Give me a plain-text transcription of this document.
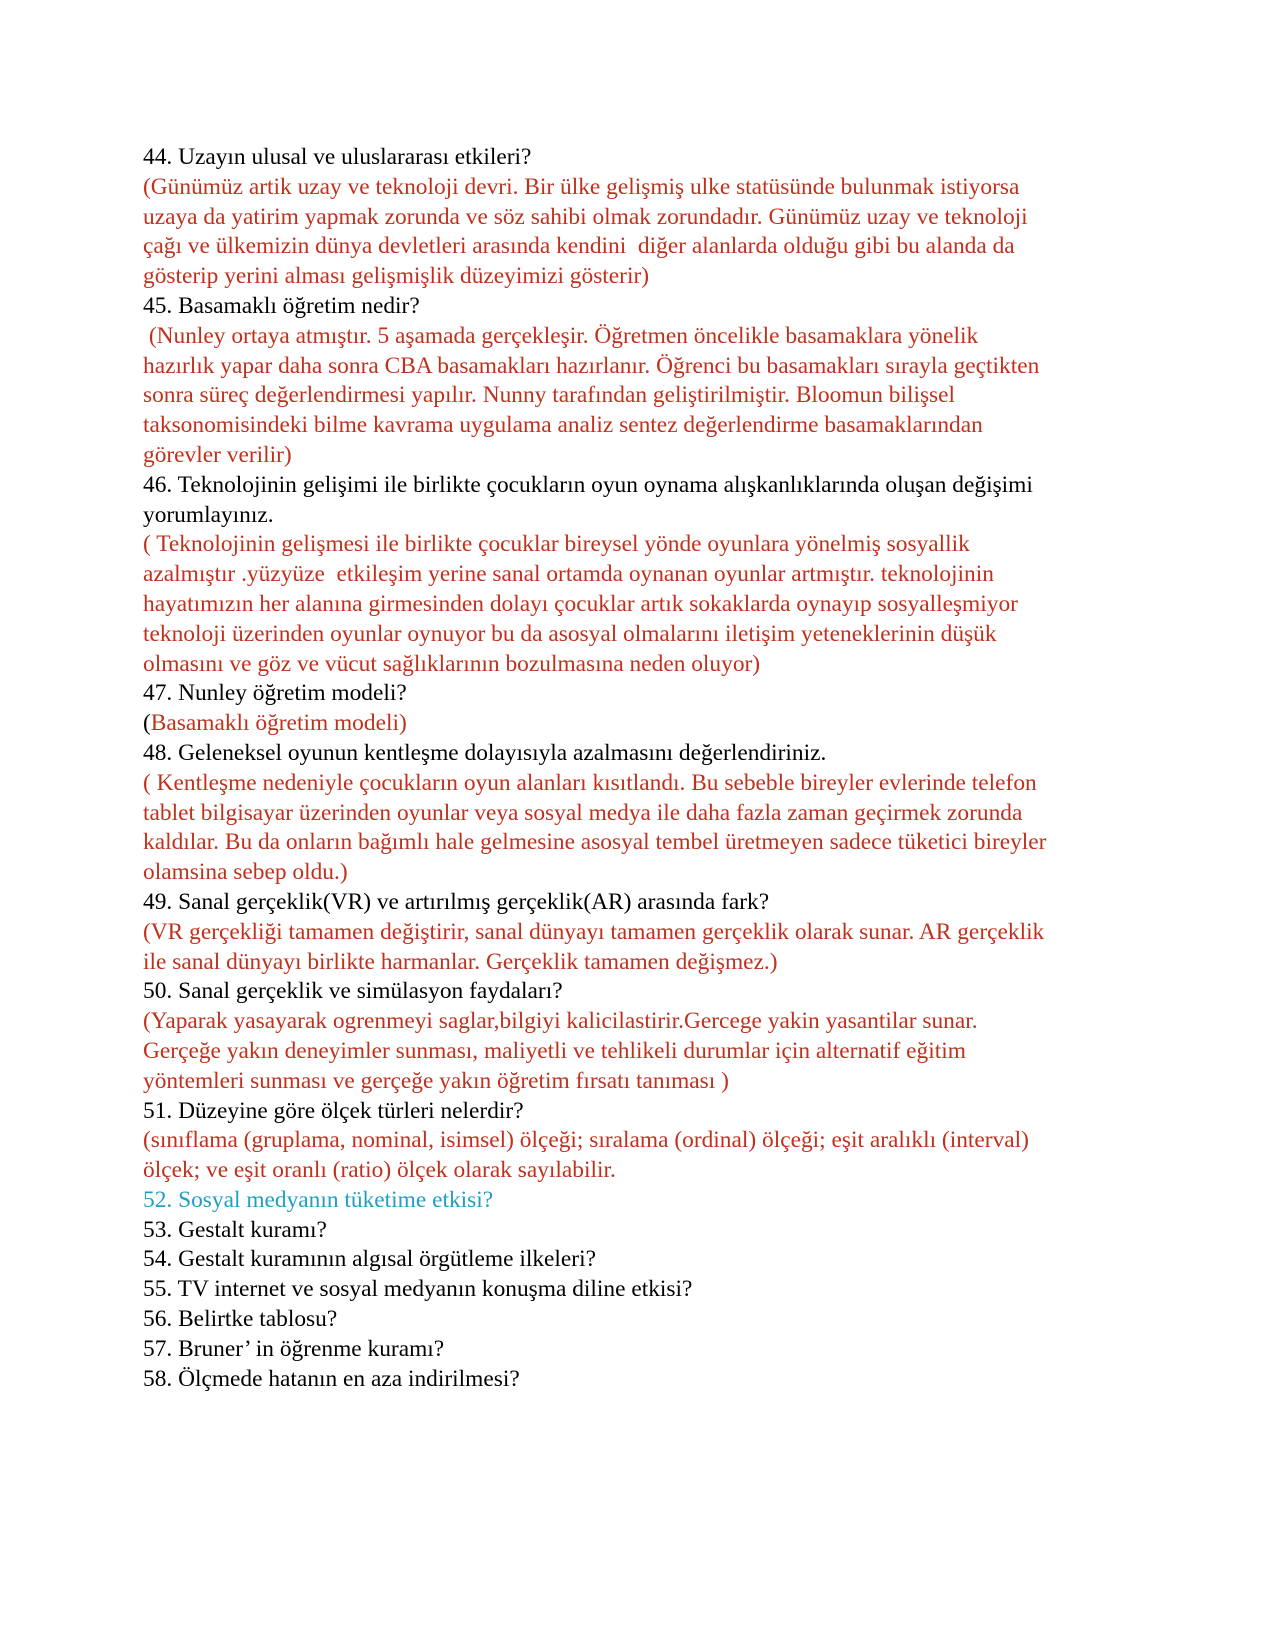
44. Uzayın ulusal ve uluslararası etkileri?
(Günümüz artik uzay ve teknoloji devri. Bir ülke gelişmiş ulke statüsünde bulunmak istiyorsa
uzaya da yatirim yapmak zorunda ve söz sahibi olmak zorundadır. Günümüz uzay ve teknoloji
çağı ve ülkemizin dünya devletleri arasında kendini  diğer alanlarda olduğu gibi bu alanda da
gösterip yerini alması gelişmişlik düzeyimizi gösterir)
45. Basamaklı öğretim nedir?
(Nunley ortaya atmıştır. 5 aşamada gerçekleşir. Öğretmen öncelikle basamaklara yönelik
hazırlık yapar daha sonra CBA basamakları hazırlanır. Öğrenci bu basamakları sırayla geçtikten
sonra süreç değerlendirmesi yapılır. Nunny tarafından geliştirilmiştir. Bloomun bilişsel
taksonomisindeki bilme kavrama uygulama analiz sentez değerlendirme basamaklarından
görevler verilir)
46. Teknolojinin gelişimi ile birlikte çocukların oyun oynama alışkanlıklarında oluşan değişimi
yorumlayınız.
( Teknolojinin gelişmesi ile birlikte çocuklar bireysel yönde oyunlara yönelmiş sosyallik
azalmıştır .yüzyüze  etkileşim yerine sanal ortamda oynanan oyunlar artmıştır. teknolojinin
hayatımızın her alanına girmesinden dolayı çocuklar artık sokaklarda oynayıp sosyalleşmiyor
teknoloji üzerinden oyunlar oynuyor bu da asosyal olmalarını iletişim yeteneklerinin düşük
olmasını ve göz ve vücut sağlıklarının bozulmasına neden oluyor)
47. Nunley öğretim modeli?
(Basamaklı öğretim modeli)
48. Geleneksel oyunun kentleşme dolayısıyla azalmasını değerlendiriniz.
( Kentleşme nedeniyle çocukların oyun alanları kısıtlandı. Bu sebeble bireyler evlerinde telefon
tablet bilgisayar üzerinden oyunlar veya sosyal medya ile daha fazla zaman geçirmek zorunda
kaldılar. Bu da onların bağımlı hale gelmesine asosyal tembel üretmeyen sadece tüketici bireyler
olamsina sebep oldu.)
49. Sanal gerçeklik(VR) ve artırılmış gerçeklik(AR) arasında fark?
(VR gerçekliği tamamen değiştirir, sanal dünyayı tamamen gerçeklik olarak sunar. AR gerçeklik
ile sanal dünyayı birlikte harmanlar. Gerçeklik tamamen değişmez.)
50. Sanal gerçeklik ve simülasyon faydaları?
(Yaparak yasayarak ogrenmeyi saglar,bilgiyi kalicilastirir.Gercege yakin yasantilar sunar.
Gerçeğe yakın deneyimler sunması, maliyetli ve tehlikeli durumlar için alternatif eğitim
yöntemleri sunması ve gerçeğe yakın öğretim fırsatı tanıması )
51. Düzeyine göre ölçek türleri nelerdir?
(sınıflama (gruplama, nominal, isimsel) ölçeği; sıralama (ordinal) ölçeği; eşit aralıklı (interval)
ölçek; ve eşit oranlı (ratio) ölçek olarak sayılabilir.
52. Sosyal medyanın tüketime etkisi?
53. Gestalt kuramı?
54. Gestalt kuramının algısal örgütleme ilkeleri?
55. TV internet ve sosyal medyanın konuşma diline etkisi?
56. Belirtke tablosu?
57. Bruner’ in öğrenme kuramı?
58. Ölçmede hatanın en aza indirilmesi?
